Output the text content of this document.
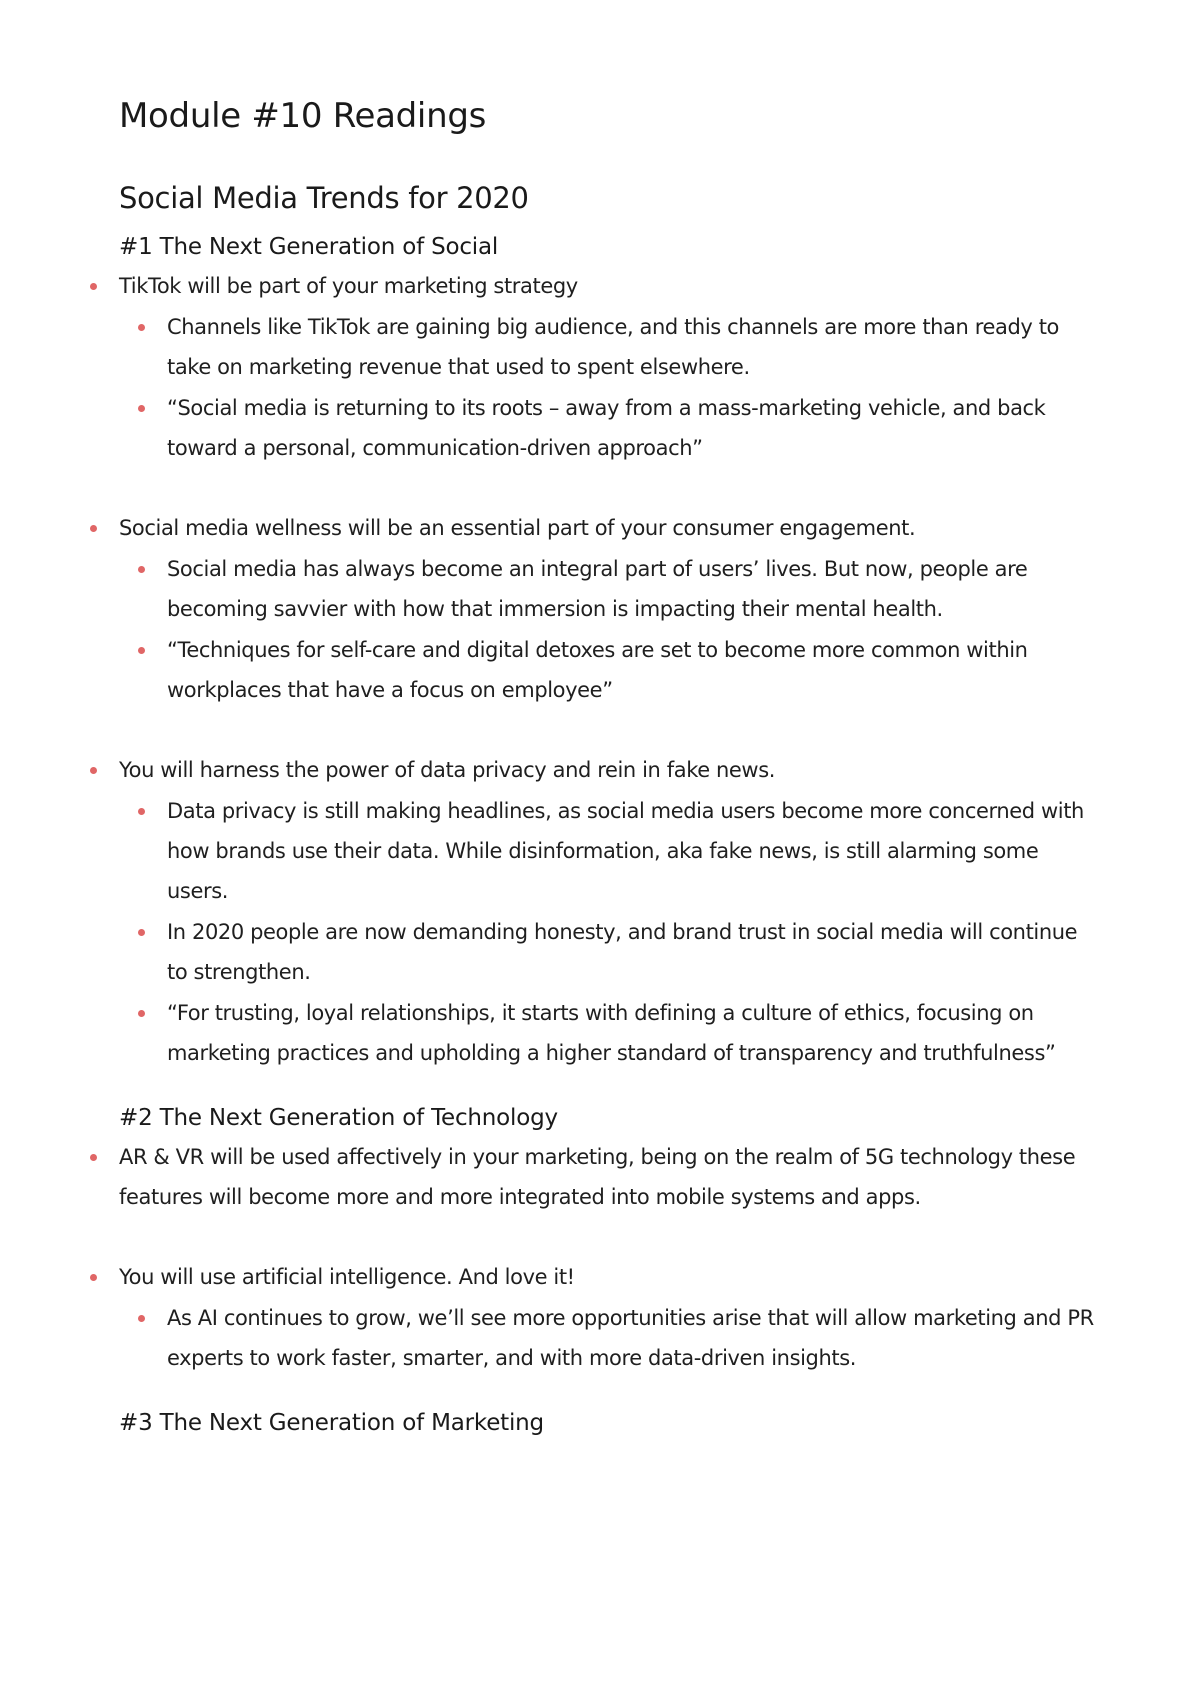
Module #10 Readings
Social Media Trends for 2020
#1 The Next Generation of Social
TikTok will be part of your marketing strategy
Channels like TikTok are gaining big audience, and this channels are more than ready to take on marketing revenue that used to spent elsewhere.
“Social media is returning to its roots – away from a mass-marketing vehicle, and back toward a personal, communication-driven approach”
Social media wellness will be an essential part of your consumer engagement.
Social media has always become an integral part of users’ lives. But now, people are becoming savvier with how that immersion is impacting their mental health.
“Techniques for self-care and digital detoxes are set to become more common within workplaces that have a focus on employee”
You will harness the power of data privacy and rein in fake news.
Data privacy is still making headlines, as social media users become more concerned with how brands use their data. While disinformation, aka fake news, is still alarming some users.
In 2020 people are now demanding honesty, and brand trust in social media will continue to strengthen.
“For trusting, loyal relationships, it starts with defining a culture of ethics, focusing on marketing practices and upholding a higher standard of transparency and truthfulness”
#2 The Next Generation of Technology
AR & VR will be used affectively in your marketing, being on the realm of 5G technology these features will become more and more integrated into mobile systems and apps.
You will use artificial intelligence. And love it!
As AI continues to grow, we’ll see more opportunities arise that will allow marketing and PR experts to work faster, smarter, and with more data-driven insights.
#3 The Next Generation of Marketing
